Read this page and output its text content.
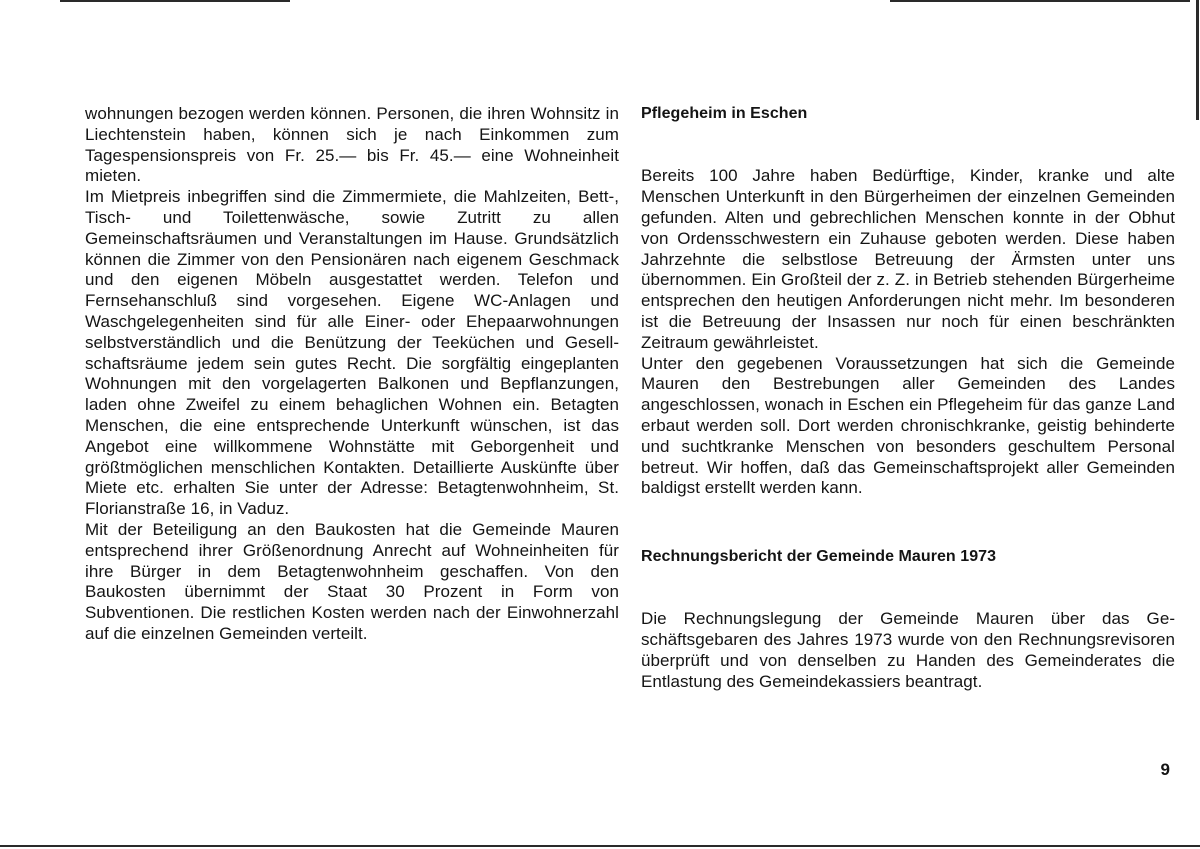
wohnungen bezogen werden können. Personen, die ihren Wohnsitz in Liechtenstein haben, können sich je nach Einkommen zum Tagespensionspreis von Fr. 25.— bis Fr. 45.— eine Wohneinheit mieten.

Im Mietpreis inbegriffen sind die Zimmermiete, die Mahlzeiten, Bett-, Tisch- und Toilettenwäsche, sowie Zutritt zu allen Gemeinschaftsräumen und Veranstaltungen im Hause. Grundsätzlich können die Zimmer von den Pensionären nach eigenem Geschmack und den eigenen Möbeln ausgestattet werden. Telefon und Fernsehanschluß sind vorgesehen. Eigene WC-Anlagen und Waschgelegenheiten sind für alle Einer- oder Ehepaarwohnungen selbstverständlich und die Benützung der Teeküchen und Gesellschaftsräume jedem sein gutes Recht. Die sorgfältig eingeplanten Wohnungen mit den vorgelagerten Balkonen und Bepflanzungen, laden ohne Zweifel zu einem behaglichen Wohnen ein. Betagten Menschen, die eine entsprechende Unterkunft wünschen, ist das Angebot eine willkommene Wohnstätte mit Geborgenheit und größtmöglichen menschlichen Kontakten. Detaillierte Auskünfte über Miete etc. erhalten Sie unter der Adresse: Betagtenwohnheim, St. Florianstraße 16, in Vaduz.

Mit der Beteiligung an den Baukosten hat die Gemeinde Mauren entsprechend ihrer Größenordnung Anrecht auf Wohneinheiten für ihre Bürger in dem Betagtenwohnheim geschaffen. Von den Baukosten übernimmt der Staat 30 Prozent in Form von Subventionen. Die restlichen Kosten werden nach der Einwohnerzahl auf die einzelnen Gemeinden verteilt.

Pflegeheim in Eschen

Bereits 100 Jahre haben Bedürftige, Kinder, kranke und alte Menschen Unterkunft in den Bürgerheimen der einzelnen Gemeinden gefunden. Alten und gebrechlichen Menschen konnte in der Obhut von Ordensschwestern ein Zuhause geboten werden. Diese haben Jahrzehnte die selbstlose Betreuung der Ärmsten unter uns übernommen. Ein Großteil der z. Z. in Betrieb stehenden Bürgerheime entsprechen den heutigen Anforderungen nicht mehr. Im besonderen ist die Betreuung der Insassen nur noch für einen beschränkten Zeitraum gewährleistet.

Unter den gegebenen Voraussetzungen hat sich die Gemeinde Mauren den Bestrebungen aller Gemeinden des Landes angeschlossen, wonach in Eschen ein Pflegeheim für das ganze Land erbaut werden soll. Dort werden chronischkranke, geistig behinderte und suchtkranke Menschen von besonders geschultem Personal betreut. Wir hoffen, daß das Gemeinschaftsprojekt aller Gemeinden baldigst erstellt werden kann.

Rechnungsbericht der Gemeinde Mauren 1973

Die Rechnungslegung der Gemeinde Mauren über das Geschäftsgebaren des Jahres 1973 wurde von den Rechnungsrevisoren überprüft und von denselben zu Handen des Gemeinderates die Entlastung des Gemeindekassiers beantragt.

9
